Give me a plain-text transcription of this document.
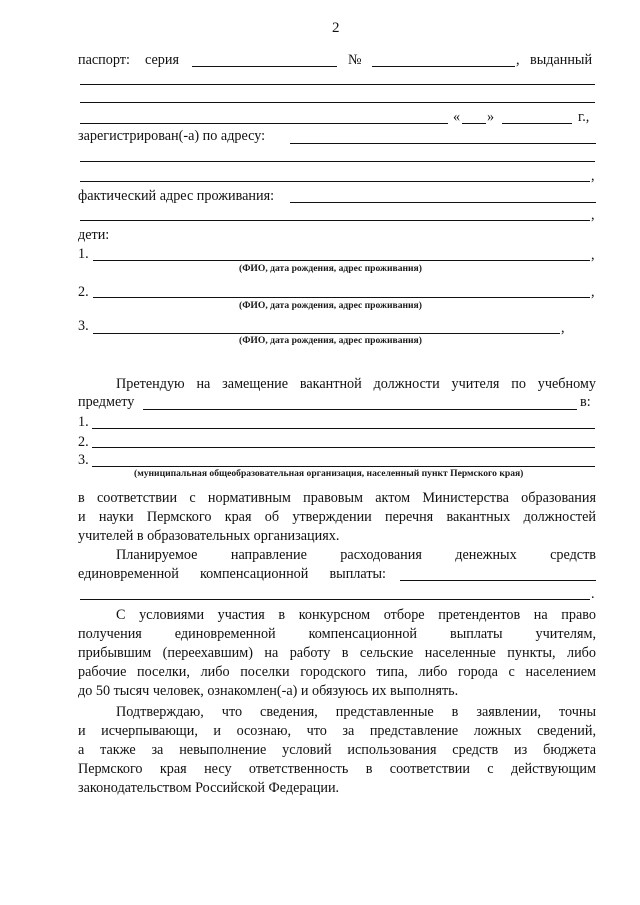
2
паспорт: серия	№	, выданный
« »	г.,
зарегистрирован(-а) по адресу:
,
фактический адрес проживания:
,
дети:
1.	,
(ФИО, дата рождения, адрес проживания)
2.	,
(ФИО, дата рождения, адрес проживания)
3.	,
(ФИО, дата рождения, адрес проживания)
Претендую на замещение вакантной должности учителя по учебному
предмету	в:
1.
2.
3.
(муниципальная общеобразовательная организация, населенный пункт Пермского края)
в соответствии с нормативным правовым актом Министерства образования
и науки Пермского края об утверждении перечня вакантных должностей
учителей в образовательных организациях.
Планируемое направление расходования денежных средств
единовременной компенсационной выплаты:
.
С условиями участия в конкурсном отборе претендентов на право
получения единовременной компенсационной выплаты учителям,
прибывшим (переехавшим) на работу в сельские населенные пункты, либо
рабочие поселки, либо поселки городского типа, либо города с населением
до 50 тысяч человек, ознакомлен(-а) и обязуюсь их выполнять.
Подтверждаю, что сведения, представленные в заявлении, точны
и исчерпывающи, и осознаю, что за представление ложных сведений,
а также за невыполнение условий использования средств из бюджета
Пермского края несу ответственность в соответствии с действующим
законодательством Российской Федерации.
